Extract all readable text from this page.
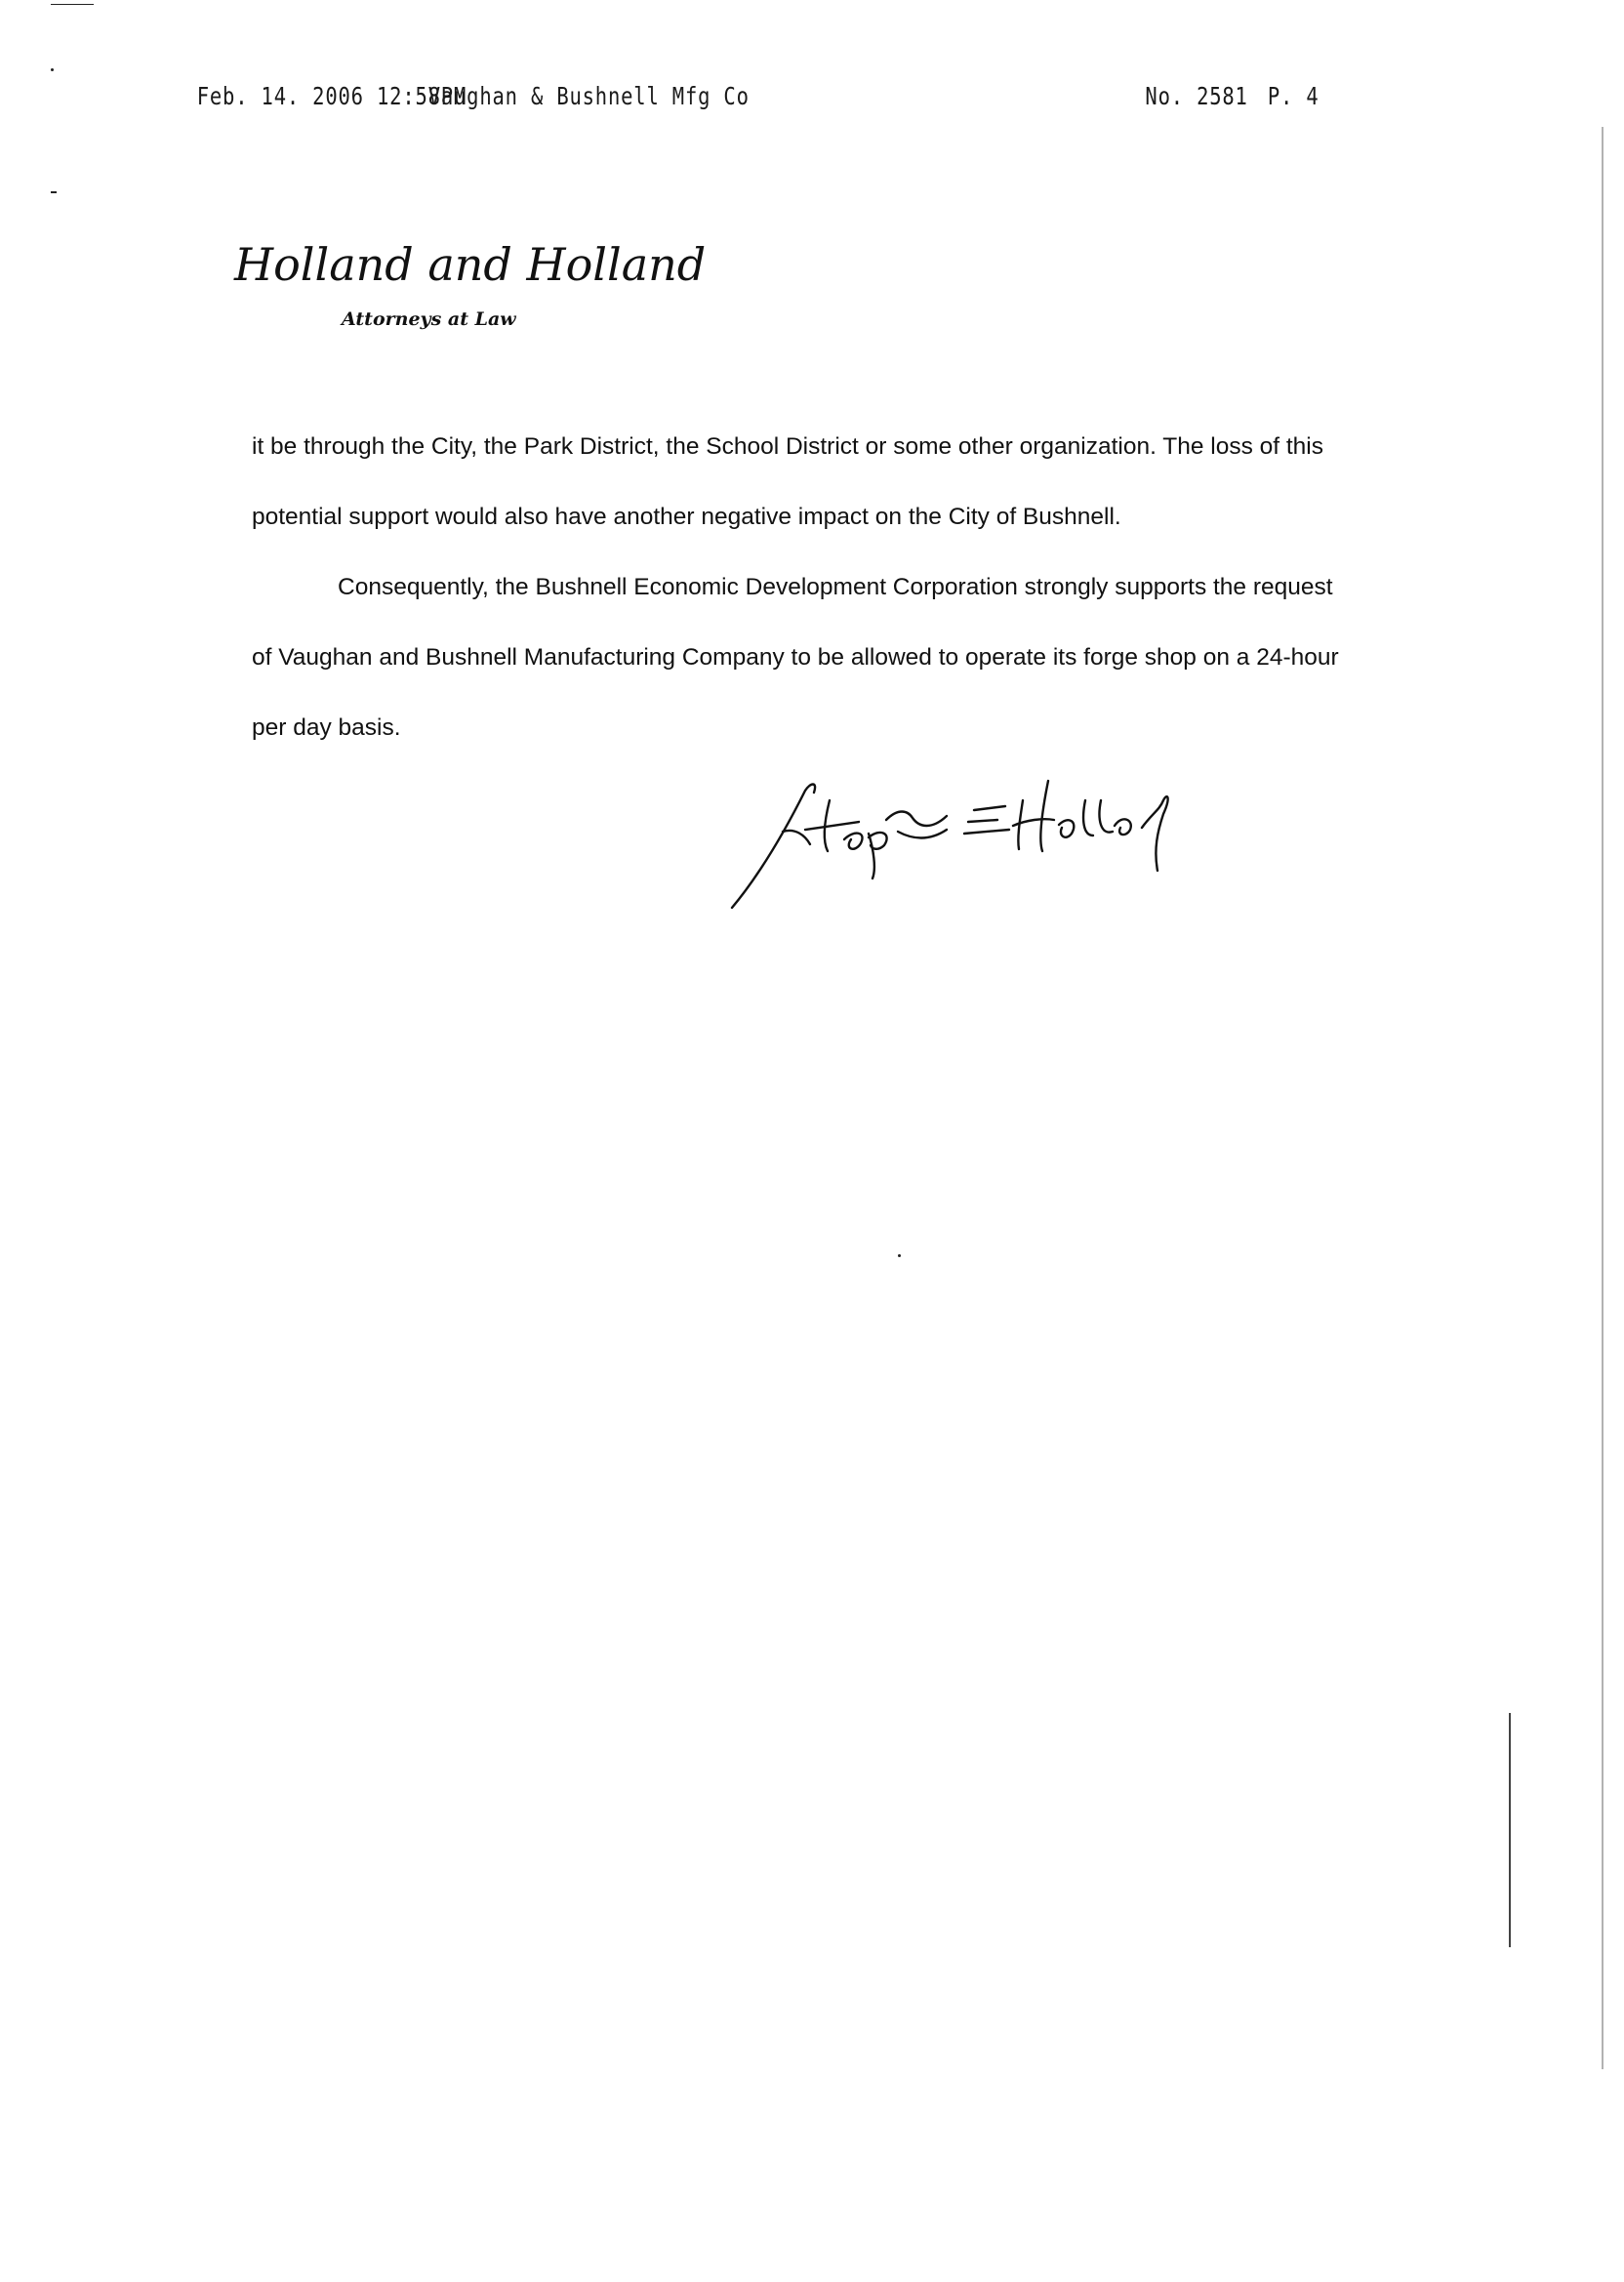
Feb. 14. 2006 12:58PM
Vaughan & Bushnell Mfg Co	No. 2581 P. 4
Holland and Holland
Attorneys at Law

it be through the City, the Park District, the School District or some other organization. The loss of this potential support would also have another negative impact on the City of Bushnell.

Consequently, the Bushnell Economic Development Corporation strongly supports the request of Vaughan and Bushnell Manufacturing Company to be allowed to operate its forge shop on a 24-hour per day basis.
